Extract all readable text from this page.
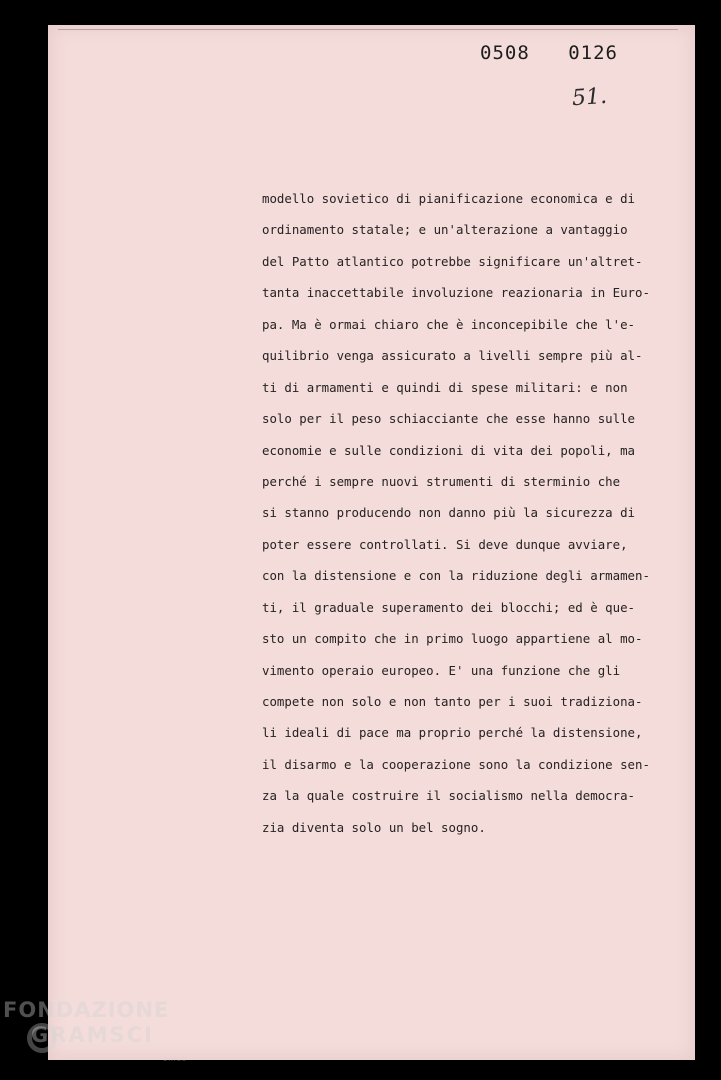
0508 0126
51.
modello sovietico di pianificazione economica e di
ordinamento statale; e un'alterazione a vantaggio
del Patto atlantico potrebbe significare un'altret-
tanta inaccettabile involuzione reazionaria in Euro-
pa. Ma è ormai chiaro che è inconcepibile che l'e-
quilibrio venga assicurato a livelli sempre più al-
ti di armamenti e quindi di spese militari: e non
solo per il peso schiacciante che esse hanno sulle
economie e sulle condizioni di vita dei popoli, ma
perché i sempre nuovi strumenti di sterminio che
si stanno producendo non danno più la sicurezza di
poter essere controllati. Si deve dunque avviare,
con la distensione e con la riduzione degli armamen-
ti, il graduale superamento dei blocchi; ed è que-
sto un compito che in primo luogo appartiene al mo-
vimento operaio europeo. E' una funzione che gli
compete non solo e non tanto per i suoi tradiziona-
li ideali di pace ma proprio perché la distensione,
il disarmo e la cooperazione sono la condizione sen-
za la quale costruire il socialismo nella democra-
zia diventa solo un bel sogno.
FONDAZIONE
GRAMSCI
onlus
